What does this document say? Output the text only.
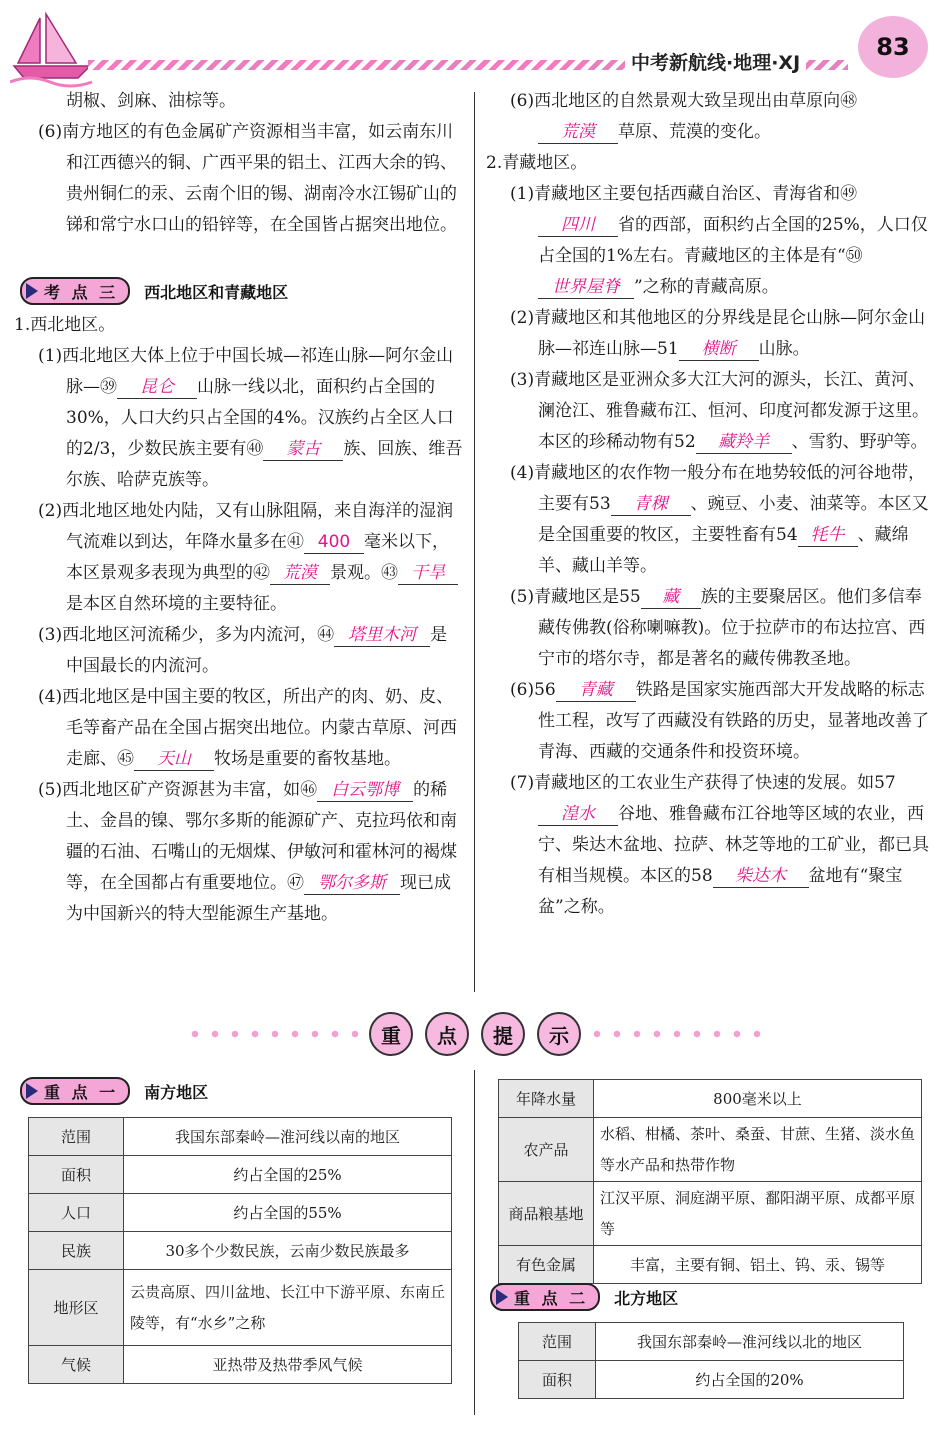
中考新航线·地理·XJ
83

胡椒、剑麻、油棕等。

(6)南方地区的有色金属矿产资源相当丰富，如云南东川和江西德兴的铜、广西平果的铝土、江西大余的钨、贵州铜仁的汞、云南个旧的锡、湖南冷水江锡矿山的锑和常宁水口山的铅锌等，在全国皆占据突出地位。

考 点 三 西北地区和青藏地区

1.西北地区。

(1)西北地区大体上位于中国长城—祁连山脉—阿尔金山脉—㊴ 昆仑 山脉一线以北，面积约占全国的30%，人口大约只占全国的4%。汉族约占全区人口的2/3，少数民族主要有㊵ 蒙古 族、回族、维吾尔族、哈萨克族等。

(2)西北地区地处内陆，又有山脉阻隔，来自海洋的湿润气流难以到达，年降水量多在㊶ 400 毫米以下，本区景观多表现为典型的㊷ 荒漠 景观。㊸ 干旱是本区自然环境的主要特征。

(3)西北地区河流稀少，多为内流河，㊹ 塔里木河 是中国最长的内流河。

(4)西北地区是中国主要的牧区，所出产的肉、奶、皮、毛等畜产品在全国占据突出地位。内蒙古草原、河西走廊、㊺ 天山 牧场是重要的畜牧基地。

(5)西北地区矿产资源甚为丰富，如㊻ 白云鄂博 的稀土、金昌的镍、鄂尔多斯的能源矿产、克拉玛依和南疆的石油、石嘴山的无烟煤、伊敏河和霍林河的褐煤等，在全国都占有重要地位。㊼ 鄂尔多斯 现已成为中国新兴的特大型能源生产基地。

(6)西北地区的自然景观大致呈现出由草原向㊽荒漠 草原、荒漠的变化。

2.青藏地区。

(1)青藏地区主要包括西藏自治区、青海省和㊾四川 省的西部，面积约占全国的25%，人口仅占全国的1%左右。青藏地区的主体是有“㊿世界屋脊 ”之称的青藏高原。

(2)青藏地区和其他地区的分界线是昆仑山脉—阿尔金山脉—祁连山脉—51 横断 山脉。

(3)青藏地区是亚洲众多大江大河的源头，长江、黄河、澜沧江、雅鲁藏布江、恒河、印度河都发源于这里。本区的珍稀动物有52 藏羚羊 、雪豹、野驴等。

(4)青藏地区的农作物一般分布在地势较低的河谷地带，主要有53 青稞 、豌豆、小麦、油菜等。本区又是全国重要的牧区，主要牲畜有54 牦牛 、藏绵羊、藏山羊等。

(5)青藏地区是55 藏 族的主要聚居区。他们多信奉藏传佛教(俗称喇嘛教)。位于拉萨市的布达拉宫、西宁市的塔尔寺，都是著名的藏传佛教圣地。

(6)56 青藏 铁路是国家实施西部大开发战略的标志性工程，改写了西藏没有铁路的历史，显著地改善了青海、西藏的交通条件和投资环境。

(7)青藏地区的工农业生产获得了快速的发展。如57湟水 谷地、雅鲁藏布江谷地等区域的农业，西宁、柴达木盆地、拉萨、林芝等地的工矿业，都已具有相当规模。本区的58 柴达木 盆地有“聚宝盆”之称。

重	点	提	示
重 点 一 南方地区
范围	我国东部秦岭—淮河线以南的地区
面积	约占全国的25%
人口	约占全国的55%
民族	30多个少数民族，云南少数民族最多
地形区	云贵高原、四川盆地、长江中下游平原、东南丘陵等，有“水乡”之称
气候	亚热带及热带季风气候
年降水量	800毫米以上
农产品	水稻、柑橘、茶叶、桑蚕、甘蔗、生猪、淡水鱼等水产品和热带作物
商品粮基地	江汉平原、洞庭湖平原、鄱阳湖平原、成都平原等
有色金属	丰富，主要有铜、铝土、钨、汞、锡等
重 点 二 北方地区
范围	我国东部秦岭—淮河线以北的地区
面积	约占全国的20%
